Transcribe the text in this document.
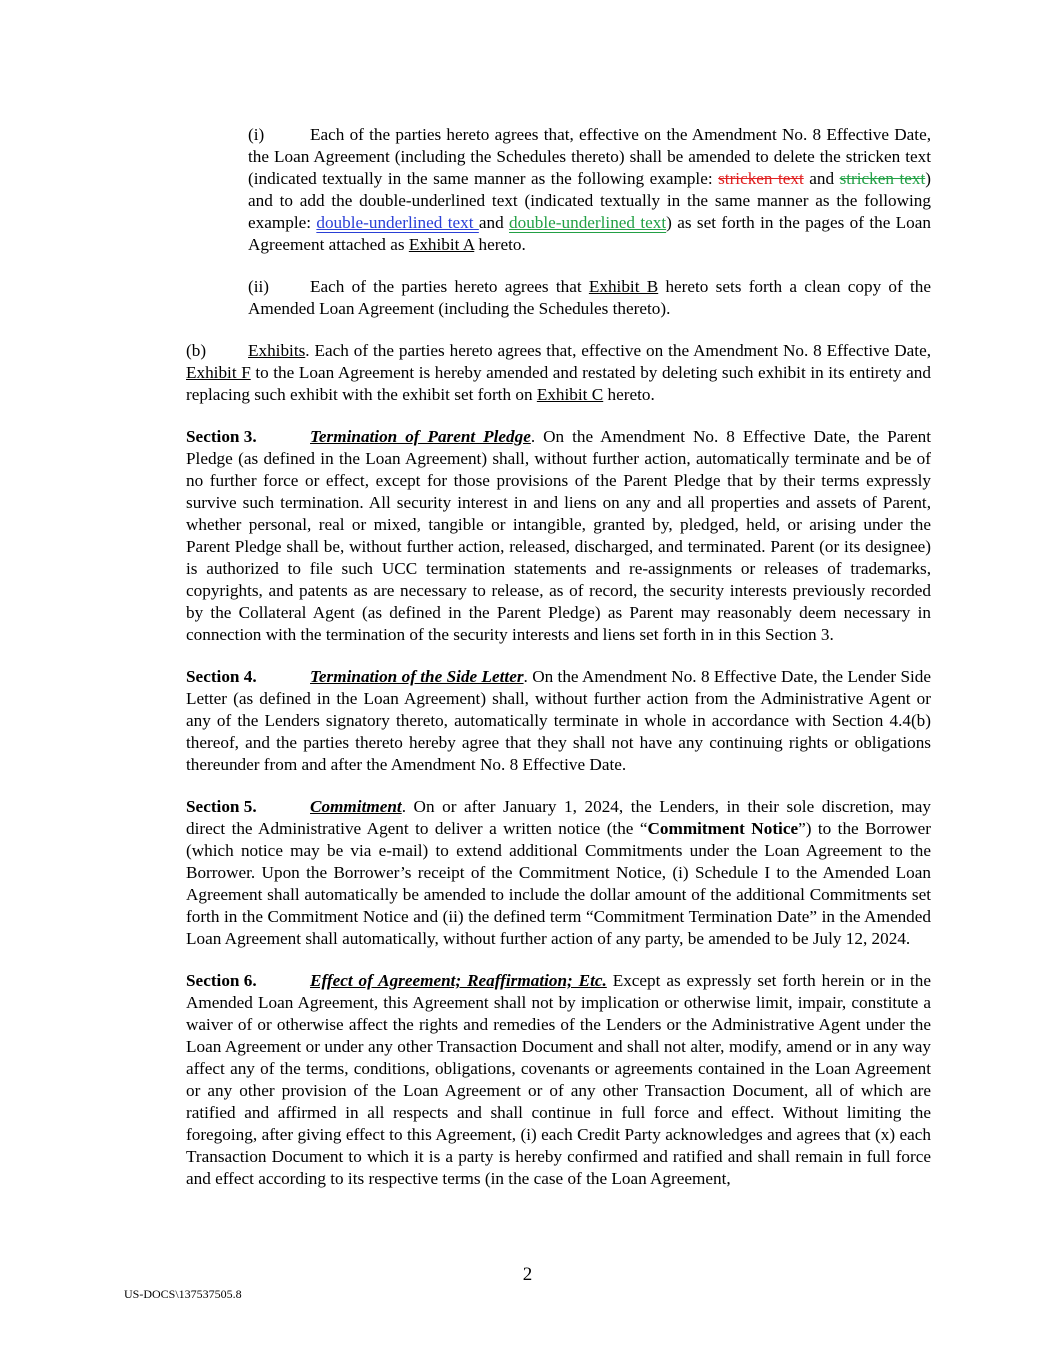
(i)	Each of the parties hereto agrees that, effective on the Amendment No. 8 Effective Date, the Loan Agreement (including the Schedules thereto) shall be amended to delete the stricken text (indicated textually in the same manner as the following example: stricken text and stricken text) and to add the double-underlined text (indicated textually in the same manner as the following example: double-underlined text and double-underlined text) as set forth in the pages of the Loan Agreement attached as Exhibit A hereto.

(ii) Each of the parties hereto agrees that Exhibit B hereto sets forth a clean copy of the Amended Loan Agreement (including the Schedules thereto).

(b) Exhibits. Each of the parties hereto agrees that, effective on the Amendment No. 8 Effective Date, Exhibit F to the Loan Agreement is hereby amended and restated by deleting such exhibit in its entirety and replacing such exhibit with the exhibit set forth on Exhibit C hereto.

Section 3.	Termination of Parent Pledge. On the Amendment No. 8 Effective Date, the Parent Pledge (as defined in the Loan Agreement) shall, without further action, automatically terminate and be of no further force or effect, except for those provisions of the Parent Pledge that by their terms expressly survive such termination. All security interest in and liens on any and all properties and assets of Parent, whether personal, real or mixed, tangible or intangible, granted by, pledged, held, or arising under the Parent Pledge shall be, without further action, released, discharged, and terminated. Parent (or its designee) is authorized to file such UCC termination statements and re-assignments or releases of trademarks, copyrights, and patents as are necessary to release, as of record, the security interests previously recorded by the Collateral Agent (as defined in the Parent Pledge) as Parent may reasonably deem necessary in connection with the termination of the security interests and liens set forth in in this Section 3.

Section 4.	Termination of the Side Letter. On the Amendment No. 8 Effective Date, the Lender Side Letter (as defined in the Loan Agreement) shall, without further action from the Administrative Agent or any of the Lenders signatory thereto, automatically terminate in whole in accordance with Section 4.4(b) thereof, and the parties thereto hereby agree that they shall not have any continuing rights or obligations thereunder from and after the Amendment No. 8 Effective Date.

Section 5.	Commitment. On or after January 1, 2024, the Lenders, in their sole discretion, may direct the Administrative Agent to deliver a written notice (the “Commitment Notice”) to the Borrower (which notice may be via e-mail) to extend additional Commitments under the Loan Agreement to the Borrower. Upon the Borrower’s receipt of the Commitment Notice, (i) Schedule I to the Amended Loan Agreement shall automatically be amended to include the dollar amount of the additional Commitments set forth in the Commitment Notice and (ii) the defined term “Commitment Termination Date” in the Amended Loan Agreement shall automatically, without further action of any party, be amended to be July 12, 2024.

Section 6.	Effect of Agreement; Reaffirmation; Etc. Except as expressly set forth herein or in the Amended Loan Agreement, this Agreement shall not by implication or otherwise limit, impair, constitute a waiver of or otherwise affect the rights and remedies of the Lenders or the Administrative Agent under the Loan Agreement or under any other Transaction Document and shall not alter, modify, amend or in any way affect any of the terms, conditions, obligations, covenants or agreements contained in the Loan Agreement or any other provision of the Loan Agreement or of any other Transaction Document, all of which are ratified and affirmed in all respects and shall continue in full force and effect. Without limiting the foregoing, after giving effect to this Agreement, (i) each Credit Party acknowledges and agrees that (x) each Transaction Document to which it is a party is hereby confirmed and ratified and shall remain in full force and effect according to its respective terms (in the case of the Loan Agreement,

2
US-DOCS\137537505.8
